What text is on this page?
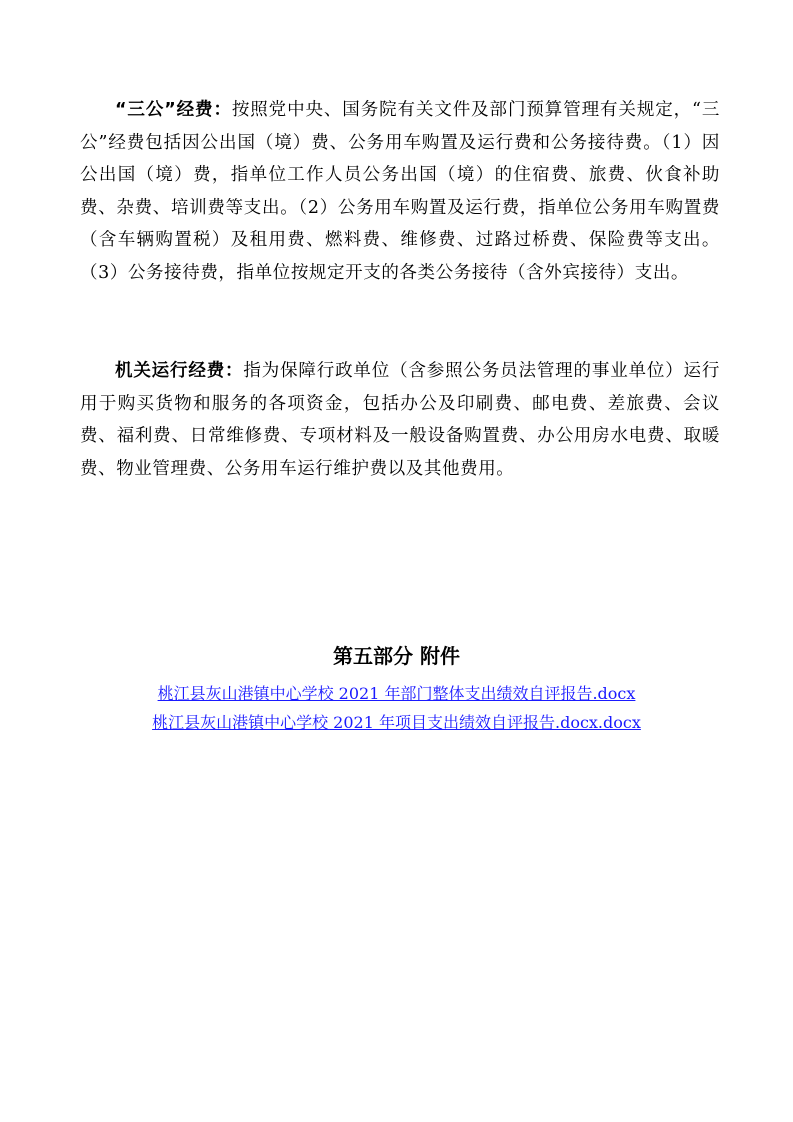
“三公”经费：按照党中央、国务院有关文件及部门预算管理有关规定，“三公”经费包括因公出国（境）费、公务用车购置及运行费和公务接待费。（1）因公出国（境）费，指单位工作人员公务出国（境）的住宿费、旅费、伙食补助费、杂费、培训费等支出。（2）公务用车购置及运行费，指单位公务用车购置费（含车辆购置税）及租用费、燃料费、维修费、过路过桥费、保险费等支出。（3）公务接待费，指单位按规定开支的各类公务接待（含外宾接待）支出。

机关运行经费：指为保障行政单位（含参照公务员法管理的事业单位）运行用于购买货物和服务的各项资金，包括办公及印刷费、邮电费、差旅费、会议费、福利费、日常维修费、专项材料及一般设备购置费、办公用房水电费、取暖费、物业管理费、公务用车运行维护费以及其他费用。

第五部分 附件
桃江县灰山港镇中心学校 2021 年部门整体支出绩效自评报告.docx
桃江县灰山港镇中心学校 2021 年项目支出绩效自评报告.docx.docx
